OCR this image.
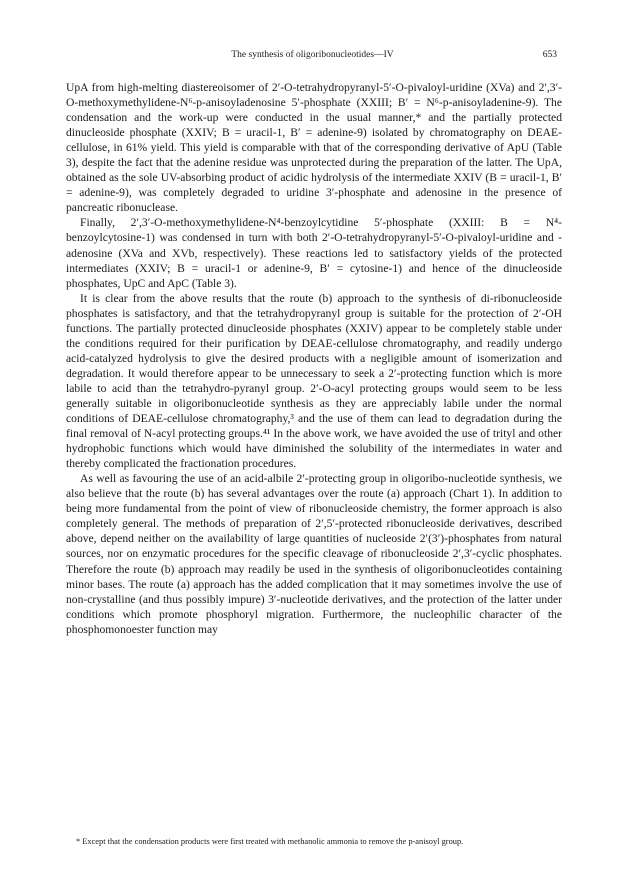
The synthesis of oligoribonucleotides—IV	653

UpA from high-melting diastereoisomer of 2′-O-tetrahydropyranyl-5′-O-pivaloyl-uridine (XVa) and 2′,3′-O-methoxymethylidene-N⁶-p-anisoyladenosine 5′-phosphate (XXIII; B′ = N⁶-p-anisoyladenine-9). The condensation and the work-up were conducted in the usual manner,* and the partially protected dinucleoside phosphate (XXIV; B = uracil-1, B′ = adenine-9) isolated by chromatography on DEAE-cellulose, in 61% yield. This yield is comparable with that of the corresponding derivative of ApU (Table 3), despite the fact that the adenine residue was unprotected during the preparation of the latter. The UpA, obtained as the sole UV-absorbing product of acidic hydrolysis of the intermediate XXIV (B = uracil-1, B′ = adenine-9), was completely degraded to uridine 3′-phosphate and adenosine in the presence of pancreatic ribonuclease.

Finally, 2′,3′-O-methoxymethylidene-N⁴-benzoylcytidine 5′-phosphate (XXIII: B = N⁴-benzoylcytosine-1) was condensed in turn with both 2′-O-tetrahydropyranyl-5′-O-pivaloyl-uridine and -adenosine (XVa and XVb, respectively). These reactions led to satisfactory yields of the protected intermediates (XXIV; B = uracil-1 or adenine-9, B′ = cytosine-1) and hence of the dinucleoside phosphates, UpC and ApC (Table 3).

It is clear from the above results that the route (b) approach to the synthesis of di-ribonucleoside phosphates is satisfactory, and that the tetrahydropyranyl group is suitable for the protection of 2′-OH functions. The partially protected dinucleoside phosphates (XXIV) appear to be completely stable under the conditions required for their purification by DEAE-cellulose chromatography, and readily undergo acid-catalyzed hydrolysis to give the desired products with a negligible amount of isomerization and degradation. It would therefore appear to be unnecessary to seek a 2′-protecting function which is more labile to acid than the tetrahydro-pyranyl group. 2′-O-acyl protecting groups would seem to be less generally suitable in oligoribonucleotide synthesis as they are appreciably labile under the normal conditions of DEAE-cellulose chromatography,³ and the use of them can lead to degradation during the final removal of N-acyl protecting groups.⁴¹ In the above work, we have avoided the use of trityl and other hydrophobic functions which would have diminished the solubility of the intermediates in water and thereby complicated the fractionation procedures.

As well as favouring the use of an acid-albile 2′-protecting group in oligoribo-nucleotide synthesis, we also believe that the route (b) has several advantages over the route (a) approach (Chart 1). In addition to being more fundamental from the point of view of ribonucleoside chemistry, the former approach is also completely general. The methods of preparation of 2′,5′-protected ribonucleoside derivatives, described above, depend neither on the availability of large quantities of nucleoside 2′(3′)-phosphates from natural sources, nor on enzymatic procedures for the specific cleavage of ribonucleoside 2′,3′-cyclic phosphates. Therefore the route (b) approach may readily be used in the synthesis of oligoribonucleotides containing minor bases. The route (a) approach has the added complication that it may sometimes involve the use of non-crystalline (and thus possibly impure) 3′-nucleotide derivatives, and the protection of the latter under conditions which promote phosphoryl migration. Furthermore, the nucleophilic character of the phosphomonoester function may

* Except that the condensation products were first treated with methanolic ammonia to remove the p-anisoyl group.
